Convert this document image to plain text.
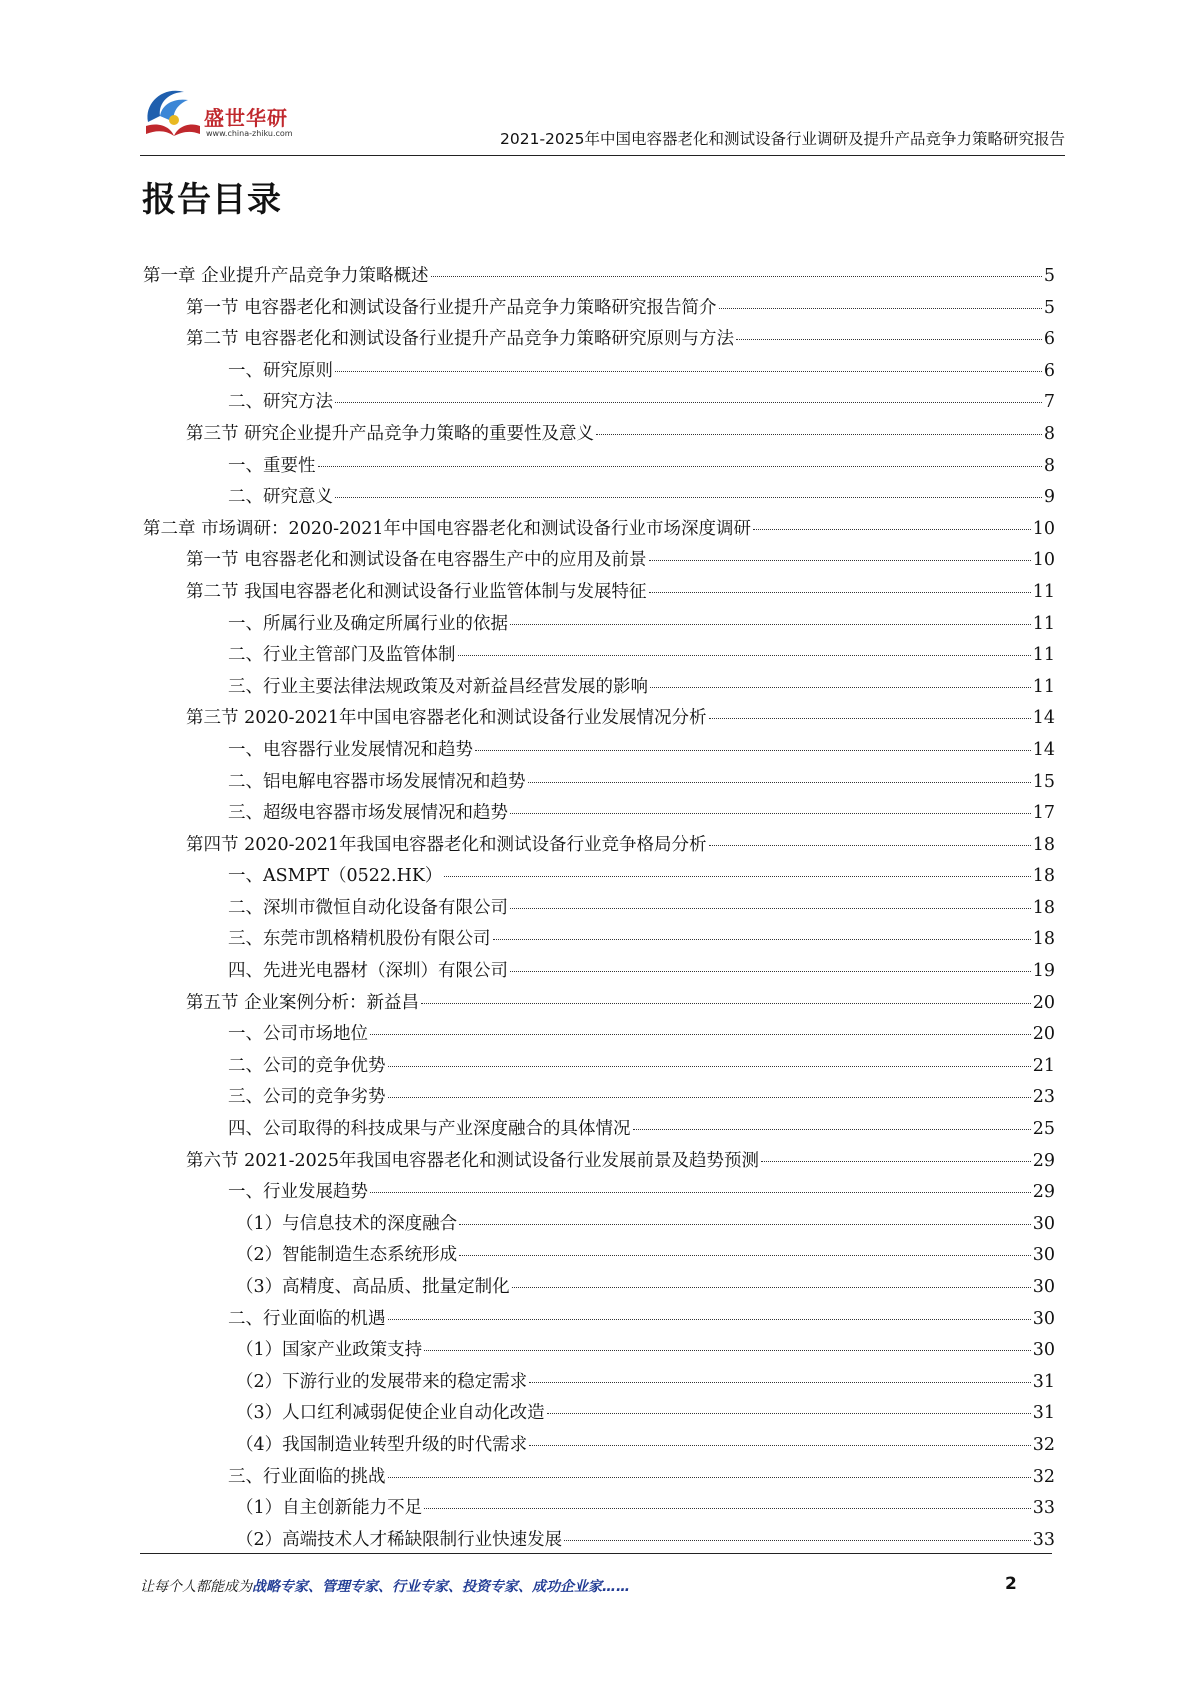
盛世华研
www.china-zhiku.com	2021-2025年中国电容器老化和测试设备行业调研及提升产品竞争力策略研究报告
报告目录
第一章 企业提升产品竞争力策略概述	5
第一节 电容器老化和测试设备行业提升产品竞争力策略研究报告简介	5
第二节 电容器老化和测试设备行业提升产品竞争力策略研究原则与方法	6
一、研究原则	6
二、研究方法	7
第三节 研究企业提升产品竞争力策略的重要性及意义	8
一、重要性	8
二、研究意义	9
第二章 市场调研：2020-2021年中国电容器老化和测试设备行业市场深度调研	10
第一节 电容器老化和测试设备在电容器生产中的应用及前景	10
第二节 我国电容器老化和测试设备行业监管体制与发展特征	11
一、所属行业及确定所属行业的依据	11
二、行业主管部门及监管体制	11
三、行业主要法律法规政策及对新益昌经营发展的影响	11
第三节 2020-2021年中国电容器老化和测试设备行业发展情况分析	14
一、电容器行业发展情况和趋势	14
二、铝电解电容器市场发展情况和趋势	15
三、超级电容器市场发展情况和趋势	17
第四节 2020-2021年我国电容器老化和测试设备行业竞争格局分析	18
一、ASMPT（0522.HK）	18
二、深圳市微恒自动化设备有限公司	18
三、东莞市凯格精机股份有限公司	18
四、先进光电器材（深圳）有限公司	19
第五节 企业案例分析：新益昌	20
一、公司市场地位	20
二、公司的竞争优势	21
三、公司的竞争劣势	23
四、公司取得的科技成果与产业深度融合的具体情况	25
第六节 2021-2025年我国电容器老化和测试设备行业发展前景及趋势预测	29
一、行业发展趋势	29
（1）与信息技术的深度融合	30
（2）智能制造生态系统形成	30
（3）高精度、高品质、批量定制化	30
二、行业面临的机遇	30
（1）国家产业政策支持	30
（2）下游行业的发展带来的稳定需求	31
（3）人口红利减弱促使企业自动化改造	31
（4）我国制造业转型升级的时代需求	32
三、行业面临的挑战	32
（1）自主创新能力不足	33
（2）高端技术人才稀缺限制行业快速发展	33
让每个人都能成为战略专家、管理专家、行业专家、投资专家、成功企业家……	2
